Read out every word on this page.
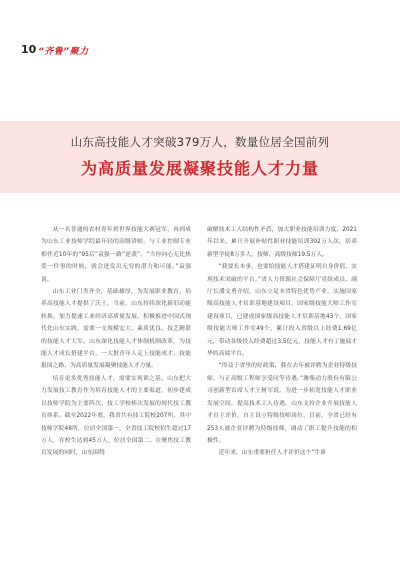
10 “齐鲁”聚力
山东高技能人才突破379万人，数量位居全国前列
为高质量发展凝聚技能人才力量

从一名普通的农村青年到世界技能大赛冠军，再到成为山东工业技师学院最年轻的高级讲师，与工业控制专业相伴近10年的“95后”袁强一路“逆袭”。“当你向心无比热爱一件事的时候，就会迸发出无穷的潜力和可能。”袁强说。

山东工业门类齐全，基础雄厚，为发展职业教育，培养高技能人才提供了沃土。当前，山东持续深化新旧动能转换，加力提速工业经济高质量发展，积极推进中国式现代化山东实践，需要一支规模宏大、素质优良、技艺精湛的技能人才大军。山东深化技能人才体制机制改革，为技能人才成长搭建平台，一大批青年人走上技能成才、技能报国之路，为高质量发展凝聚技能人才力量。

培育更多优秀技能人才，需要实现训之基。山东把大力发展技工教育作为培育技能人才的主要渠道，初步建成以技师学院为主要阵次、技工学校棒次发展的现代技工教育体系。截至2022年底，我省共有技工院校207所，其中技师学院48所，位居全国第一，全省技工院校招生超过17万人，在校生达到45万人，位居全国第二。在聚焦技工教育发展的同时，山东围绕

破解技术工人结构性矛盾，加大职业技能培训力度，2021年以来，累计开展补贴性职业技能培训302万人次，培养新型学徒8万多人，技师、高级技师19.5万人。

“我要长本事，也要给技能人才搭建证明自身价值、实现技术突破的平台。”省人力资源社会保障厅党组成员、副厅长潘文勇介绍，山东立足本省特色优势产业，实施国家级高技能人才培训基地建设项目，国家级技能大师工作室建设项目，已建成国家级高技能人才培训基地43个，国家级技能大师工作室49个，累计投入省级以上经费1.69亿元，带动各级投入经费超过3.5亿元，技能人才有了施展才华的高端平台。

“得益于省里的好政策，我在去年被评聘为企业特级技师，与正高级工程师享受同等待遇。”潍柴动力股份有限公司创新型首席人才王树军说。为进一步拓宽技能人才职业发展空间，提高技术工人待遇，山东支持企业开展技能人才自主评价，自主设立特级技师岗位，目前，全省已经有253人被企业评聘为特级技师，调动了职工提升技能的积极性。

近年来，山东重要担任人才评价这个“牛鼻
